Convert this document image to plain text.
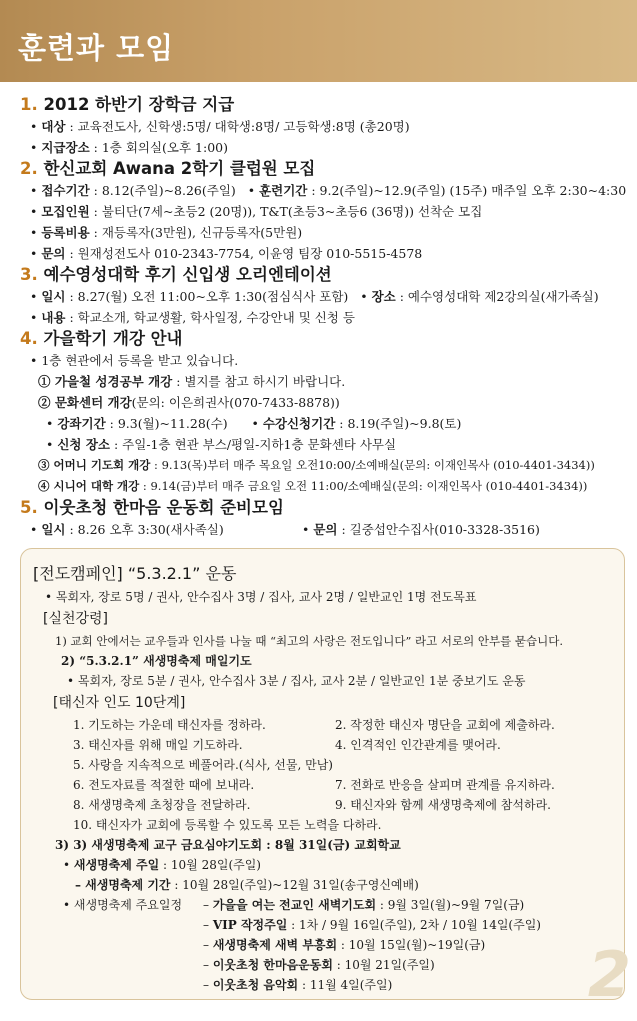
훈련과 모임
1. 2012 하반기 장학금 지급
• 대상 : 교육전도사, 신학생:5명/ 대학생:8명/ 고등학생:8명 (총20명)
• 지급장소 : 1층 회의실(오후 1:00)
2. 한신교회 Awana 2학기 클럽원 모집
• 접수기간 : 8.12(주일)~8.26(주일) • 훈련기간 : 9.2(주일)~12.9(주일) (15주) 매주일 오후 2:30~4:30
• 모집인원 : 불티단(7세~초등2 (20명)), T&T(초등3~초등6 (36명)) 선착순 모집
• 등록비용 : 재등록자(3만원), 신규등록자(5만원)
• 문의 : 원재성전도사 010-2343-7754, 이윤영 팀장 010-5515-4578
3. 예수영성대학 후기 신입생 오리엔테이션
• 일시 : 8.27(월) 오전 11:00~오후 1:30(점심식사 포함) • 장소 : 예수영성대학 제2강의실(새가족실)
• 내용 : 학교소개, 학교생활, 학사일정, 수강안내 및 신청 등
4. 가을학기 개강 안내
• 1층 현관에서 등록을 받고 있습니다.
① 가을철 성경공부 개강 : 별지를 참고 하시기 바랍니다.
② 문화센터 개강(문의: 이은희권사(070-7433-8878))
• 강좌기간 : 9.3(월)~11.28(수)	• 수강신청기간 : 8.19(주일)~9.8(토)
• 신청 장소 : 주일-1층 현관 부스/평일-지하1층 문화센타 사무실
③ 어머니 기도회 개강 : 9.13(목)부터 매주 목요일 오전10:00/소예배실(문의: 이재인목사 (010-4401-3434))
④ 시니어 대학 개강 : 9.14(금)부터 매주 금요일 오전 11:00/소예배실(문의: 이재인목사 (010-4401-3434))
5. 이웃초청 한마음 운동회 준비모임
• 일시 : 8.26 오후 3:30(새사족실)	• 문의 : 길중섭안수집사(010-3328-3516)
[전도캠페인] “5.3.2.1” 운동
• 목회자, 장로 5명 / 권사, 안수집사 3명 / 집사, 교사 2명 / 일반교인 1명 전도목표
[실천강령]
1) 교회 안에서는 교우들과 인사를 나눌 때 “최고의 사랑은 전도입니다” 라고 서로의 안부를 묻습니다.
2) “5.3.2.1” 새생명축제 매일기도
• 목회자, 장로 5분 / 권사, 안수집사 3분 / 집사, 교사 2분 / 일반교인 1분 중보기도 운동
[태신자 인도 10단계]
1. 기도하는 가운데 태신자를 정하라.	2. 작정한 태신자 명단을 교회에 제출하라.
3. 태신자를 위해 매일 기도하라.	4. 인격적인 인간관계를 맺어라.
5. 사랑을 지속적으로 베풀어라.(식사, 선물, 만남)
6. 전도자료를 적절한 때에 보내라.	7. 전화로 반응을 살피며 관계를 유지하라.
8. 새생명축제 초청장을 전달하라.	9. 태신자와 함께 새생명축제에 참석하라.
10. 태신자가 교회에 등록할 수 있도록 모든 노력을 다하라.
3) 3) 새생명축제 교구 금요심야기도회 : 8월 31일(금) 교회학교
• 새생명축제 주일 : 10월 28일(주일)
– 새생명축제 기간 : 10월 28일(주일)~12월 31일(송구영신예배)
• 새생명축제 주요일정	– 가을을 여는 전교인 새벽기도회 : 9월 3일(월)~9월 7일(금)
– VIP 작정주일 : 1차 / 9월 16일(주일), 2차 / 10월 14일(주일)
– 새생명축제 새벽 부흥회 : 10월 15일(월)~19일(금)
– 이웃초청 한마음운동회 : 10월 21일(주일)
– 이웃초청 음악회 : 11월 4일(주일)	2
